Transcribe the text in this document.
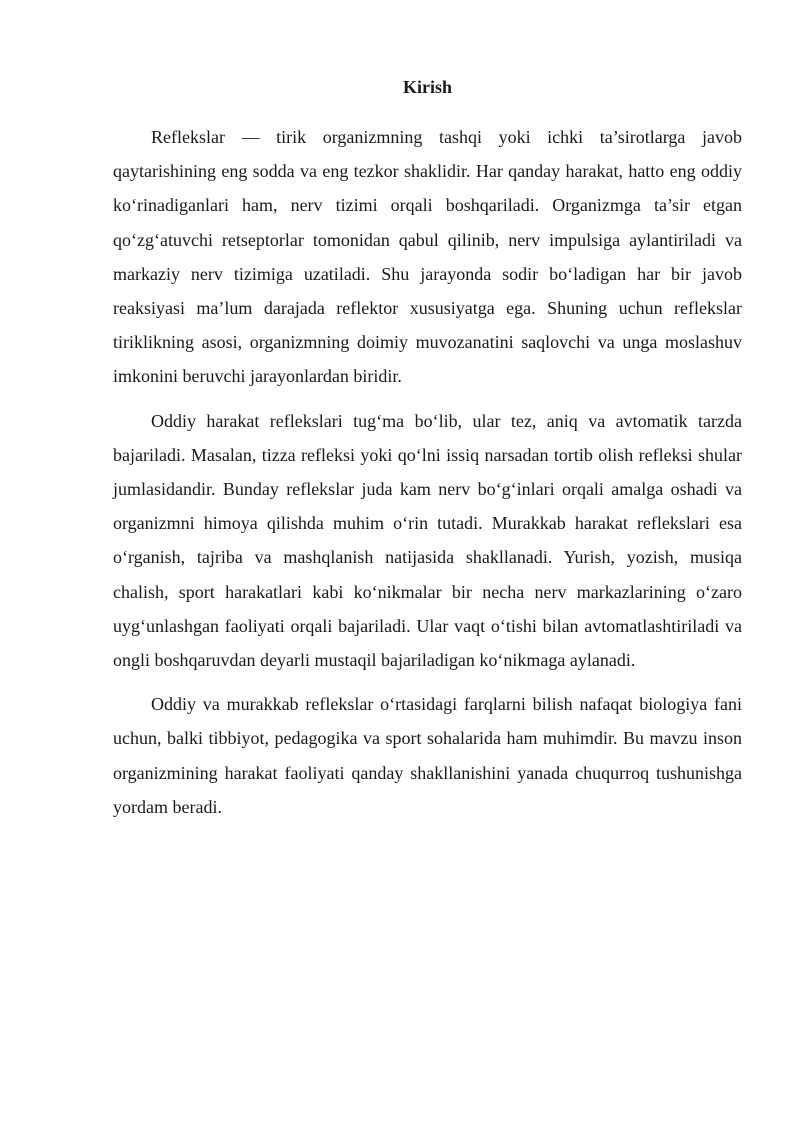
Kirish

Reflekslar — tirik organizmning tashqi yoki ichki ta’sirotlarga javob qaytarishining eng sodda va eng tezkor shaklidir. Har qanday harakat, hatto eng oddiy koʻrinadiganlari ham, nerv tizimi orqali boshqariladi. Organizmga ta’sir etgan qoʻzgʻatuvchi retseptorlar tomonidan qabul qilinib, nerv impulsiga aylantiriladi va markaziy nerv tizimiga uzatiladi. Shu jarayonda sodir boʻladigan har bir javob reaksiyasi ma’lum darajada reflektor xususiyatga ega. Shuning uchun reflekslar tiriklikning asosi, organizmning doimiy muvozanatini saqlovchi va unga moslashuv imkonini beruvchi jarayonlardan biridir.

Oddiy harakat reflekslari tugʻma boʻlib, ular tez, aniq va avtomatik tarzda bajariladi. Masalan, tizza refleksi yoki qoʻlni issiq narsadan tortib olish refleksi shular jumlasidandir. Bunday reflekslar juda kam nerv boʻgʻinlari orqali amalga oshadi va organizmni himoya qilishda muhim oʻrin tutadi. Murakkab harakat reflekslari esa oʻrganish, tajriba va mashqlanish natijasida shakllanadi. Yurish, yozish, musiqa chalish, sport harakatlari kabi koʻnikmalar bir necha nerv markazlarining oʻzaro uygʻunlashgan faoliyati orqali bajariladi. Ular vaqt oʻtishi bilan avtomatlashtiriladi va ongli boshqaruvdan deyarli mustaqil bajariladigan koʻnikmaga aylanadi.

Oddiy va murakkab reflekslar oʻrtasidagi farqlarni bilish nafaqat biologiya fani uchun, balki tibbiyot, pedagogika va sport sohalarida ham muhimdir. Bu mavzu inson organizmining harakat faoliyati qanday shakllanishini yanada chuqurroq tushunishga yordam beradi.
